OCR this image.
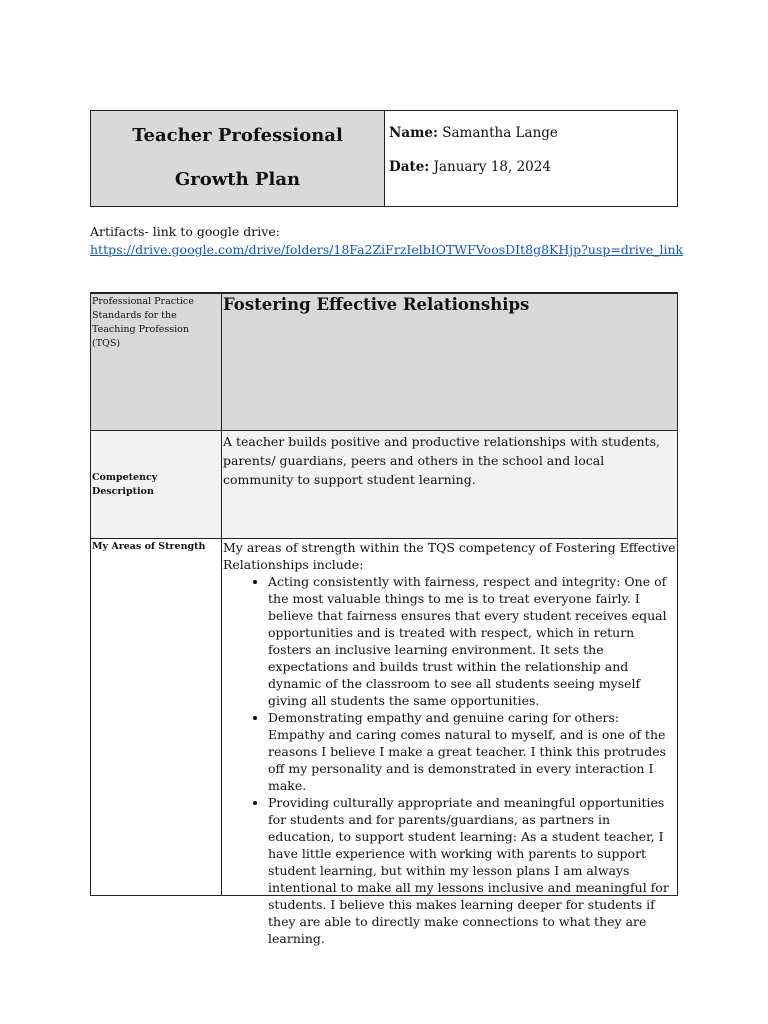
Teacher Professional
Growth Plan
Name: Samantha Lange
Date: January 18, 2024
Artifacts- link to google drive:
https://drive.google.com/drive/folders/18Fa2ZiFrzIelbIOTWFVoosDIt8g8KHjp?usp=drive_link
Professional Practice Standards for the Teaching Profession (TQS)
Fostering Effective Relationships
Competency Description
A teacher builds positive and productive relationships with students, parents/ guardians, peers and others in the school and local community to support student learning.
My Areas of Strength	My areas of strength within the TQS competency of Fostering Effective Relationships include:
• Acting consistently with fairness, respect and integrity: One of the most valuable things to me is to treat everyone fairly. I believe that fairness ensures that every student receives equal opportunities and is treated with respect, which in return fosters an inclusive learning environment. It sets the expectations and builds trust within the relationship and dynamic of the classroom to see all students seeing myself giving all students the same opportunities.
• Demonstrating empathy and genuine caring for others: Empathy and caring comes natural to myself, and is one of the reasons I believe I make a great teacher. I think this protrudes off my personality and is demonstrated in every interaction I make.
• Providing culturally appropriate and meaningful opportunities for students and for parents/guardians, as partners in education, to support student learning: As a student teacher, I have little experience with working with parents to support student learning, but within my lesson plans I am always intentional to make all my lessons inclusive and meaningful for students. I believe this makes learning deeper for students if they are able to directly make connections to what they are learning.
